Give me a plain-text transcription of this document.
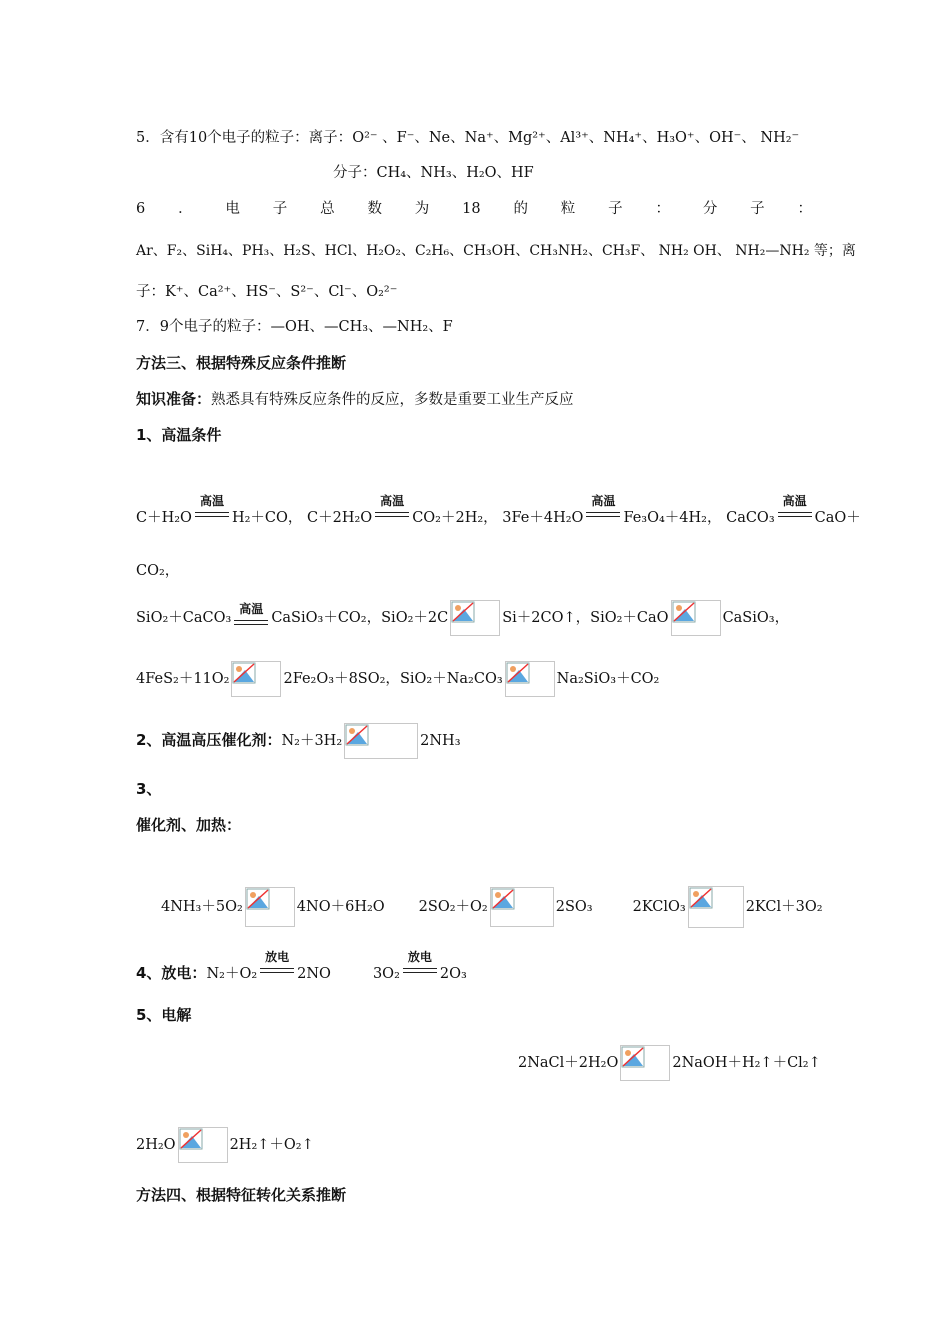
5．含有10个电子的粒子：离子：O²⁻ 、F⁻、Ne、Na⁺、Mg²⁺、Al³⁺、NH₄⁺、H₃O⁺、OH⁻、 NH₂⁻
分子：CH₄、NH₃、H₂O、HF
6 ． 电 子 总 数 为 18 的 粒 子 ： 分 子 ：
Ar、F₂、SiH₄、PH₃、H₂S、HCl、H₂O₂、C₂H₆、CH₃OH、CH₃NH₂、CH₃F、 NH₂ OH、 NH₂—NH₂ 等；离
子：K⁺、Ca²⁺、HS⁻、S²⁻、Cl⁻、O₂²⁻
7．9个电子的粒子：—OH、—CH₃、—NH₂、F
方法三、根据特殊反应条件推断
知识准备：熟悉具有特殊反应条件的反应，多数是重要工业生产反应
1、高温条件
C＋H₂O
高温
H₂＋CO， C＋2H₂O
高温
CO₂＋2H₂， 3Fe＋4H₂O
高温
Fe₃O₄＋4H₂， CaCO₃
高温
CaO＋
CO₂，
SiO₂＋CaCO₃
高温
CaSiO₃＋CO₂，SiO₂＋2C	Si＋2CO↑，SiO₂＋CaO	CaSiO₃，
4FeS₂＋11O₂	2Fe₂O₃＋8SO₂，SiO₂＋Na₂CO₃	Na₂SiO₃＋CO₂
2、高温高压催化剂：N₂＋3H₂	2NH₃
3、
催化剂、加热：
4NH₃＋5O₂	4NO＋6H₂O 2SO₂＋O₂	2SO₃	2KClO₃	2KCl＋3O₂
4、放电：N₂＋O₂
放电
2NO	3O₂
放电
2O₃
5、电解
2NaCl＋2H₂O	2NaOH＋H₂↑＋Cl₂↑
2H₂O	2H₂↑＋O₂↑
方法四、根据特征转化关系推断
